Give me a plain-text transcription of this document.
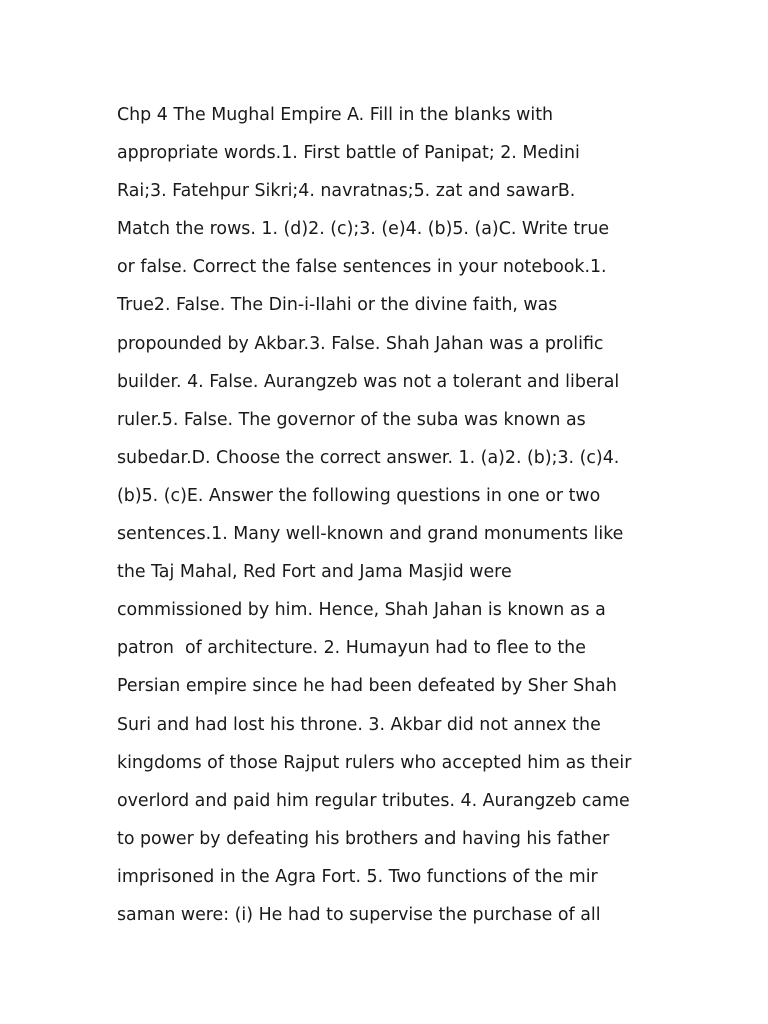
Chp 4 The Mughal Empire A. Fill in the blanks with
appropriate words.1. First battle of Panipat; 2. Medini
Rai;3. Fatehpur Sikri;4. navratnas;5. zat and sawarB.
Match the rows. 1. (d)2. (c);3. (e)4. (b)5. (a)C. Write true
or false. Correct the false sentences in your notebook.1.
True2. False. The Din-i-Ilahi or the divine faith, was
propounded by Akbar.3. False. Shah Jahan was a prolific
builder. 4. False. Aurangzeb was not a tolerant and liberal
ruler.5. False. The governor of the suba was known as
subedar.D. Choose the correct answer. 1. (a)2. (b);3. (c)4.
(b)5. (c)E. Answer the following questions in one or two
sentences.1. Many well-known and grand monuments like
the Taj Mahal, Red Fort and Jama Masjid were
commissioned by him. Hence, Shah Jahan is known as a
patron  of architecture. 2. Humayun had to flee to the
Persian empire since he had been defeated by Sher Shah
Suri and had lost his throne. 3. Akbar did not annex the
kingdoms of those Rajput rulers who accepted him as their
overlord and paid him regular tributes. 4. Aurangzeb came
to power by defeating his brothers and having his father
imprisoned in the Agra Fort. 5. Two functions of the mir
saman were: (i) He had to supervise the purchase of all
